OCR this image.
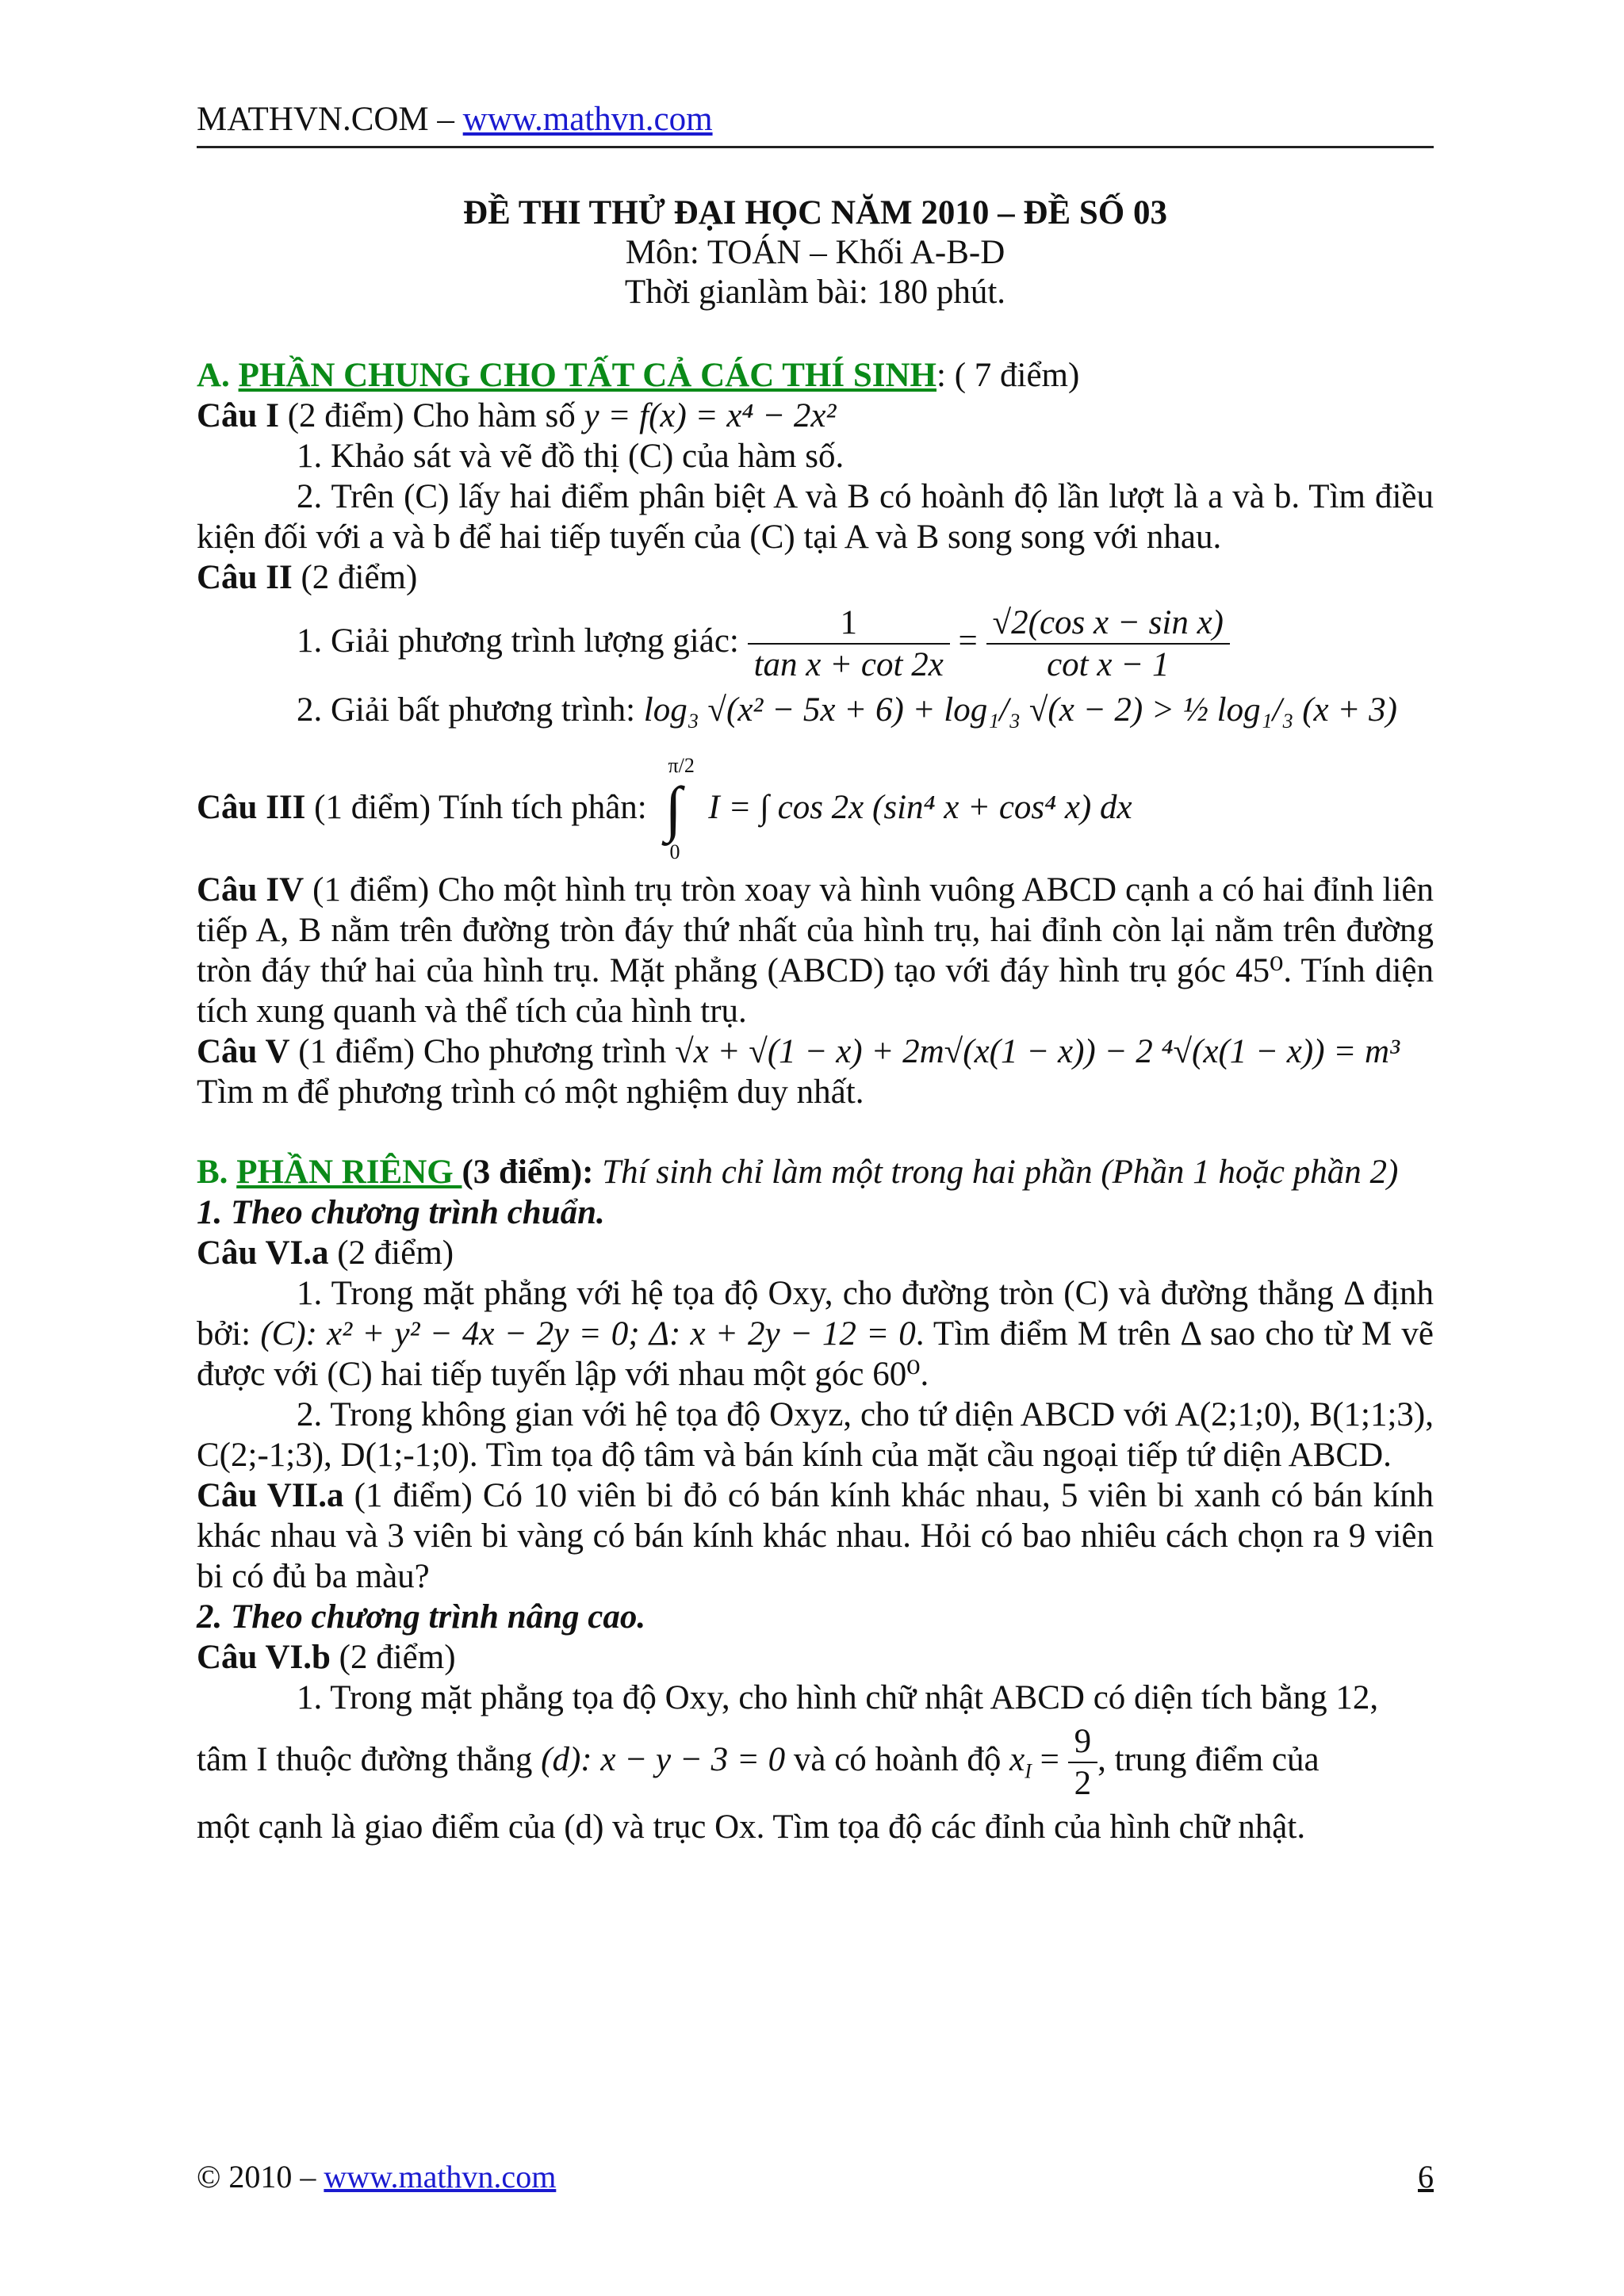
MATHVN.COM – www.mathvn.com
ĐỀ THI THỬ ĐẠI HỌC NĂM 2010 – ĐỀ SỐ 03
Môn: TOÁN – Khối A-B-D
Thời gianlàm bài: 180 phút.

A. PHẦN CHUNG CHO TẤT CẢ CÁC THÍ SINH: ( 7 điểm)

Câu I (2 điểm) Cho hàm số y = f(x) = x⁴ − 2x²

1. Khảo sát và vẽ đồ thị (C) của hàm số.

2. Trên (C) lấy hai điểm phân biệt A và B có hoành độ lần lượt là a và b. Tìm điều kiện đối với a và b để hai tiếp tuyến của (C) tại A và B song song với nhau.

Câu II (2 điểm)

1. Giải phương trình lượng giác: $\frac{1}{\text{tan x + cot 2x}} = \frac{\text{√2(cos x − sin x)}}{\text{cot x − 1}}$

2. Giải bất phương trình: log₃ √(x² − 5x + 6) + log₁/₃ √(x − 2) > ½ log₁/₃ (x + 3)

Câu III (1 điểm) Tính tích phân:
π/2
0
∫ I = ∫ cos 2x (sin⁴ x + cos⁴ x) dx

Câu IV (1 điểm) Cho một hình trụ tròn xoay và hình vuông ABCD cạnh a có hai đỉnh liên tiếp A, B nằm trên đường tròn đáy thứ nhất của hình trụ, hai đỉnh còn lại nằm trên đường tròn đáy thứ hai của hình trụ. Mặt phẳng (ABCD) tạo với đáy hình trụ góc 45⁰. Tính diện tích xung quanh và thể tích của hình trụ.

Câu V (1 điểm) Cho phương trình √x + √(1 − x) + 2m√(x(1 − x)) − 2 ⁴√(x(1 − x)) = m³

Tìm m để phương trình có một nghiệm duy nhất.

B. PHẦN RIÊNG (3 điểm): Thí sinh chỉ làm một trong hai phần (Phần 1 hoặc phần 2)

1. Theo chương trình chuẩn.

Câu VI.a (2 điểm)

1. Trong mặt phẳng với hệ tọa độ Oxy, cho đường tròn (C) và đường thẳng Δ định bởi: (C): x² + y² − 4x − 2y = 0; Δ: x + 2y − 12 = 0. Tìm điểm M trên Δ sao cho từ M vẽ được với (C) hai tiếp tuyến lập với nhau một góc 60⁰.

2. Trong không gian với hệ tọa độ Oxyz, cho tứ diện ABCD với A(2;1;0), B(1;1;3), C(2;-1;3), D(1;-1;0). Tìm tọa độ tâm và bán kính của mặt cầu ngoại tiếp tứ diện ABCD.

Câu VII.a (1 điểm) Có 10 viên bi đỏ có bán kính khác nhau, 5 viên bi xanh có bán kính khác nhau và 3 viên bi vàng có bán kính khác nhau. Hỏi có bao nhiêu cách chọn ra 9 viên bi có đủ ba màu?

2. Theo chương trình nâng cao.

Câu VI.b (2 điểm)

1. Trong mặt phẳng tọa độ Oxy, cho hình chữ nhật ABCD có diện tích bằng 12,

tâm I thuộc đường thẳng (d): x − y − 3 = 0 và có hoành độ $x_I = \frac{9}{2}$ , trung điểm của

một cạnh là giao điểm của (d) và trục Ox. Tìm tọa độ các đỉnh của hình chữ nhật.

© 2010 – www.mathvn.com	6
